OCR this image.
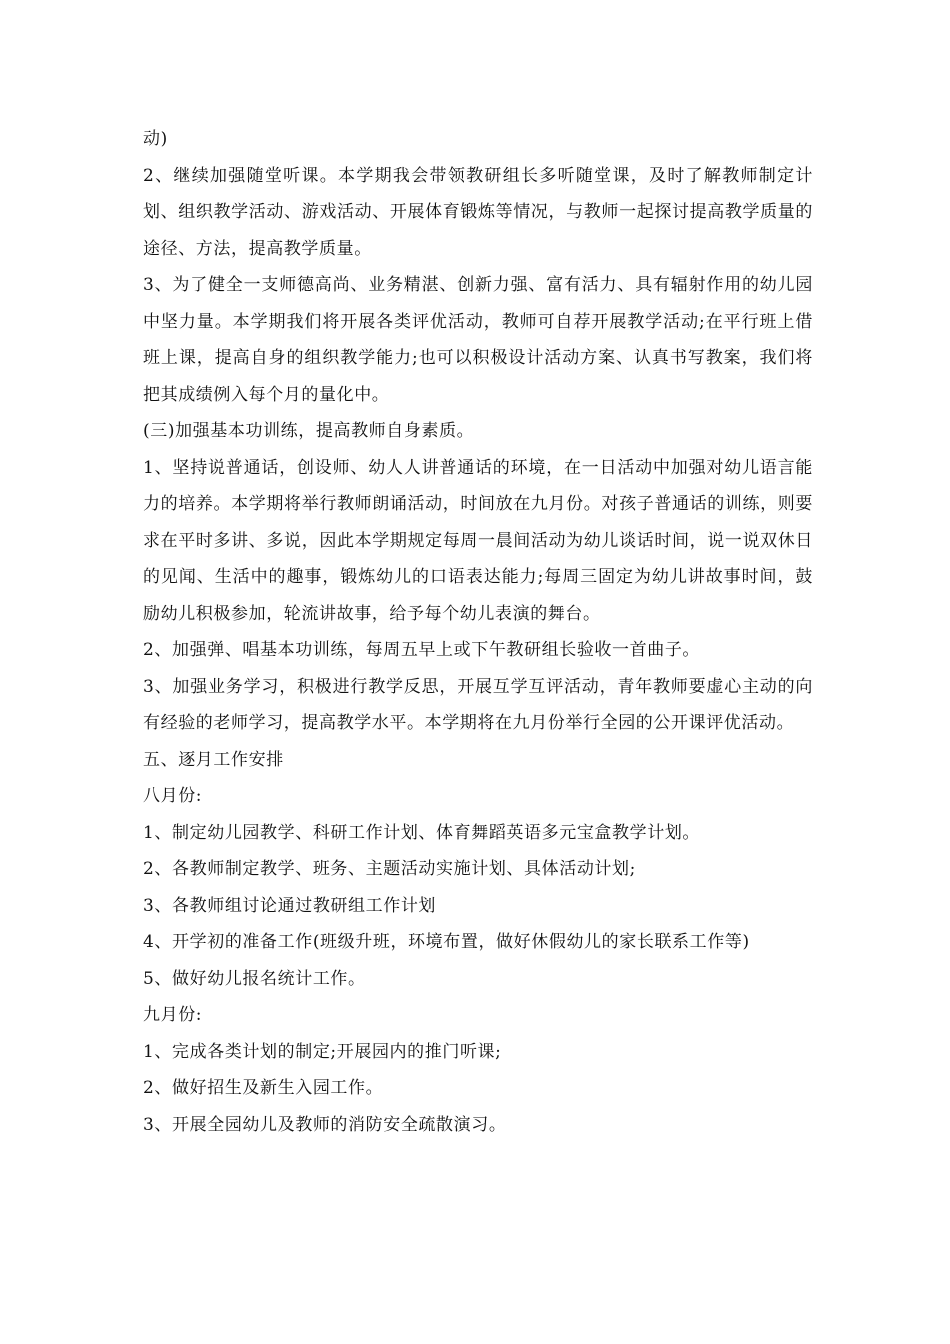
动)

2、继续加强随堂听课。本学期我会带领教研组长多听随堂课，及时了解教师制定计划、组织教学活动、游戏活动、开展体育锻炼等情况，与教师一起探讨提高教学质量的途径、方法，提高教学质量。

3、为了健全一支师德高尚、业务精湛、创新力强、富有活力、具有辐射作用的幼儿园中坚力量。本学期我们将开展各类评优活动，教师可自荐开展教学活动;在平行班上借班上课，提高自身的组织教学能力;也可以积极设计活动方案、认真书写教案，我们将把其成绩例入每个月的量化中。

(三)加强基本功训练，提高教师自身素质。

1、坚持说普通话，创设师、幼人人讲普通话的环境，在一日活动中加强对幼儿语言能力的培养。本学期将举行教师朗诵活动，时间放在九月份。对孩子普通话的训练，则要求在平时多讲、多说，因此本学期规定每周一晨间活动为幼儿谈话时间，说一说双休日的见闻、生活中的趣事，锻炼幼儿的口语表达能力;每周三固定为幼儿讲故事时间，鼓励幼儿积极参加，轮流讲故事，给予每个幼儿表演的舞台。

2、加强弹、唱基本功训练，每周五早上或下午教研组长验收一首曲子。

3、加强业务学习，积极进行教学反思，开展互学互评活动，青年教师要虚心主动的向有经验的老师学习，提高教学水平。本学期将在九月份举行全园的公开课评优活动。

五、逐月工作安排

八月份:

1、制定幼儿园教学、科研工作计划、体育舞蹈英语多元宝盒教学计划。

2、各教师制定教学、班务、主题活动实施计划、具体活动计划;

3、各教师组讨论通过教研组工作计划

4、开学初的准备工作(班级升班，环境布置，做好休假幼儿的家长联系工作等)

5、做好幼儿报名统计工作。

九月份:

1、完成各类计划的制定;开展园内的推门听课;

2、做好招生及新生入园工作。

3、开展全园幼儿及教师的消防安全疏散演习。
